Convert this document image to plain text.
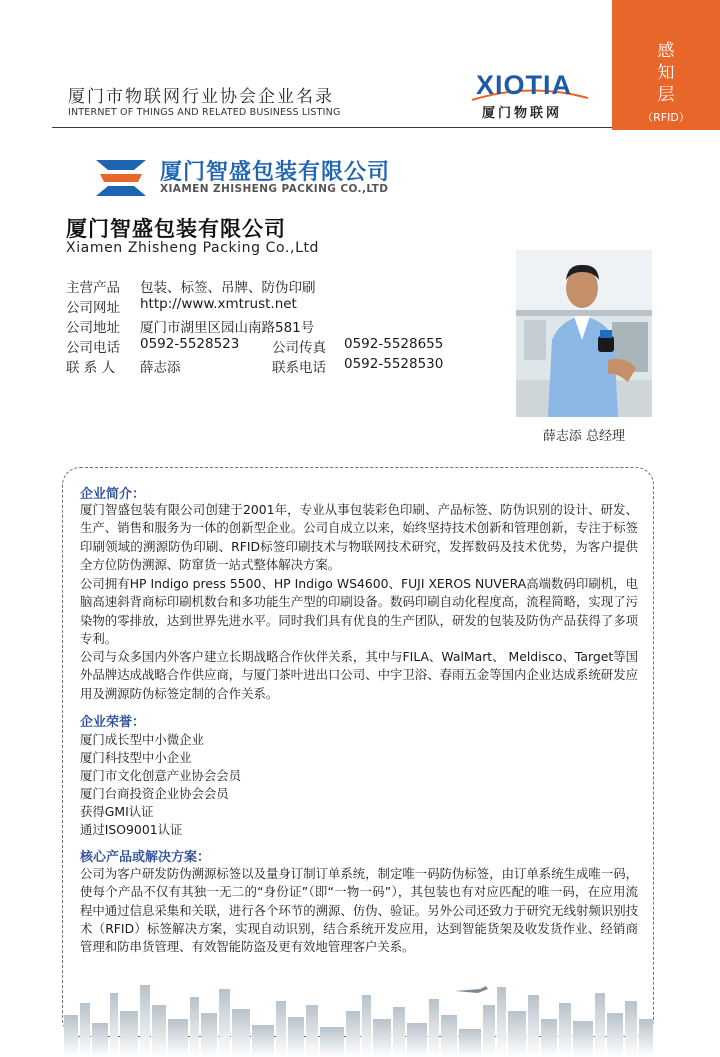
厦门市物联网行业协会企业名录
INTERNET OF THINGS AND RELATED BUSINESS LISTING
XIOTIA
厦门物联网
感
知
层
（RFID）
厦门智盛包装有限公司
XIAMEN ZHISHENG PACKING CO.,LTD
厦门智盛包装有限公司
Xiamen Zhisheng Packing Co.,Ltd
主营产品 包装、标签、吊牌、防伪印刷
公司网址 http://www.xmtrust.net
公司地址 厦门市湖里区园山南路581号
公司电话 0592-5528523 公司传真 0592-5528655
联 系 人 薛志添	联系电话 0592-5528530
薛志添 总经理
企业简介：
厦门智盛包装有限公司创建于2001年，专业从事包装彩色印刷、产品标签、防伪识别的设计、研发、生产、销售和服务为一体的创新型企业。公司自成立以来，始终坚持技术创新和管理创新，专注于标签印刷领域的溯源防伪印刷、RFID标签印刷技术与物联网技术研究，发挥数码及技术优势，为客户提供全方位防伪溯源、防窜货一站式整体解决方案。
公司拥有HP Indigo press 5500、HP Indigo WS4600、FUJI XEROS NUVERA高端数码印刷机，电脑高速斜背商标印刷机数台和多功能生产型的印刷设备。数码印刷自动化程度高，流程简略，实现了污染物的零排放，达到世界先进水平。同时我们具有优良的生产团队，研发的包装及防伪产品获得了多项专利。
公司与众多国内外客户建立长期战略合作伙伴关系，其中与FILA、WalMart、 Meldisco、Target等国外品牌达成战略合作供应商，与厦门茶叶进出口公司、中宇卫浴、春雨五金等国内企业达成系统研发应用及溯源防伪标签定制的合作关系。
企业荣誉：
厦门成长型中小微企业
厦门科技型中小企业
厦门市文化创意产业协会会员
厦门台商投资企业协会会员
获得GMI认证
通过ISO9001认证
核心产品或解决方案：
公司为客户研发防伪溯源标签以及量身订制订单系统，制定唯一码防伪标签，由订单系统生成唯一码，使每个产品不仅有其独一无二的“身份证”（即“一物一码”），其包装也有对应匹配的唯一码，在应用流程中通过信息采集和关联，进行各个环节的溯源、仿伪、验证。另外公司还致力于研究无线射频识别技术（RFID）标签解决方案，实现自动识别，结合系统开发应用，达到智能货架及收发货作业、经销商管理和防串货管理、有效智能防盗及更有效地管理客户关系。
